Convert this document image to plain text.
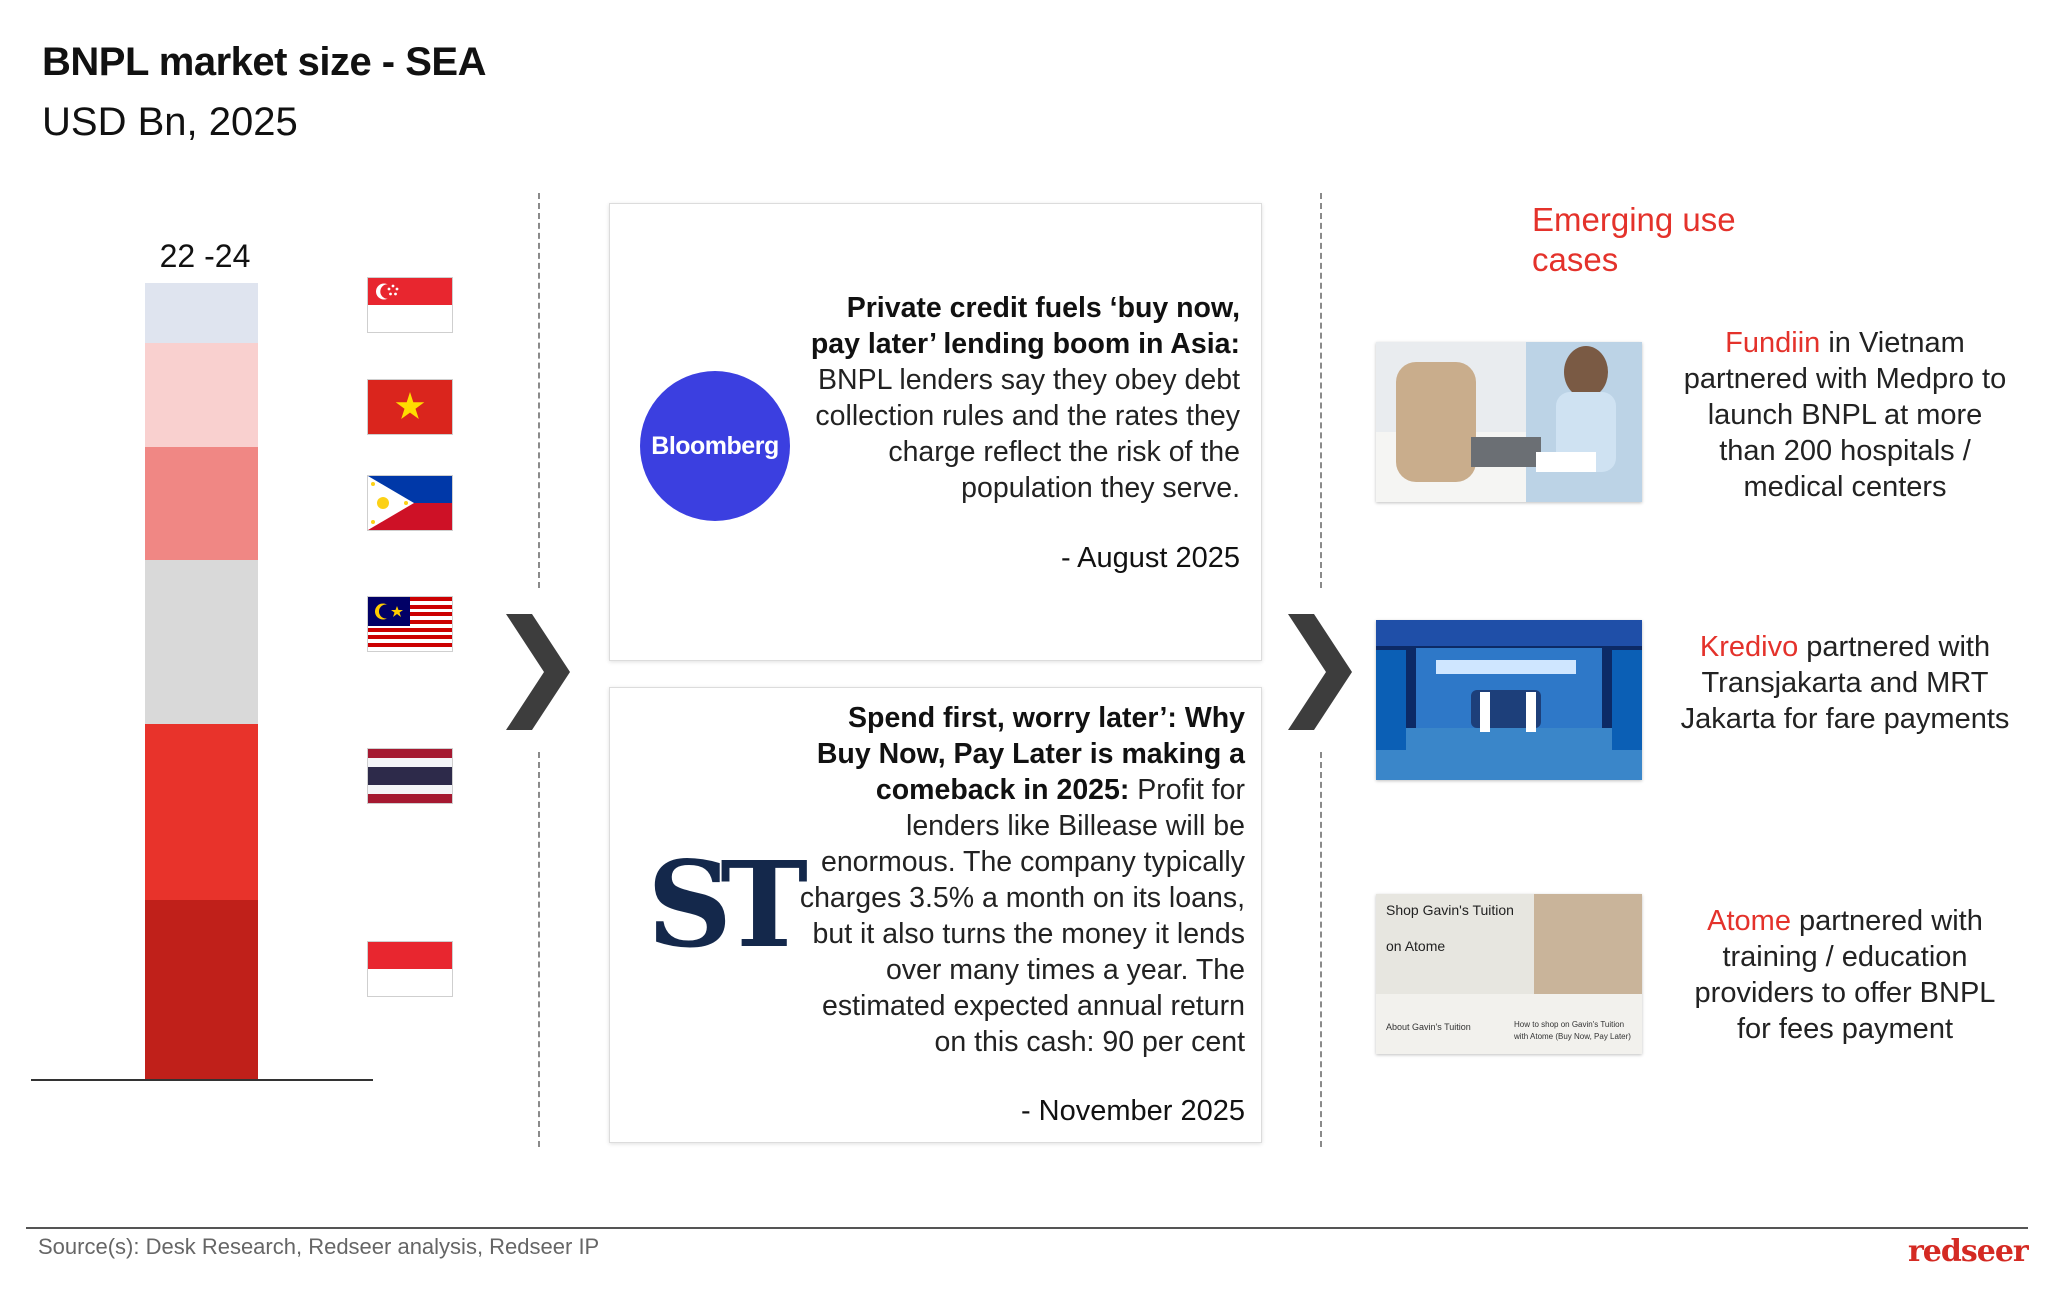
BNPL market size - SEA
USD Bn, 2025
22 -24
Bloomberg
Private credit fuels ‘buy now, pay later’ lending boom in Asia: BNPL lenders say they obey debt collection rules and the rates they charge reflect the risk of the population they serve.
- August 2025
ST
Spend first, worry later’: Why Buy Now, Pay Later is making a comeback in 2025: Profit for lenders like Billease will be enormous. The company typically charges 3.5% a month on its loans, but it also turns the money it lends over many times a year. The estimated expected annual return on this cash: 90 per cent
- November 2025
Emerging use cases
Fundiin in Vietnam partnered with Medpro to launch BNPL at more than 200 hospitals / medical centers
Kredivo partnered with Transjakarta and MRT Jakarta for fare payments
Shop Gavin's Tuition
on Atome
About Gavin's Tuition	How to shop on Gavin's Tuition
with Atome (Buy Now, Pay Later)
Atome partnered with training / education providers to offer BNPL for fees payment
Source(s): Desk Research, Redseer analysis, Redseer IP	redseer
